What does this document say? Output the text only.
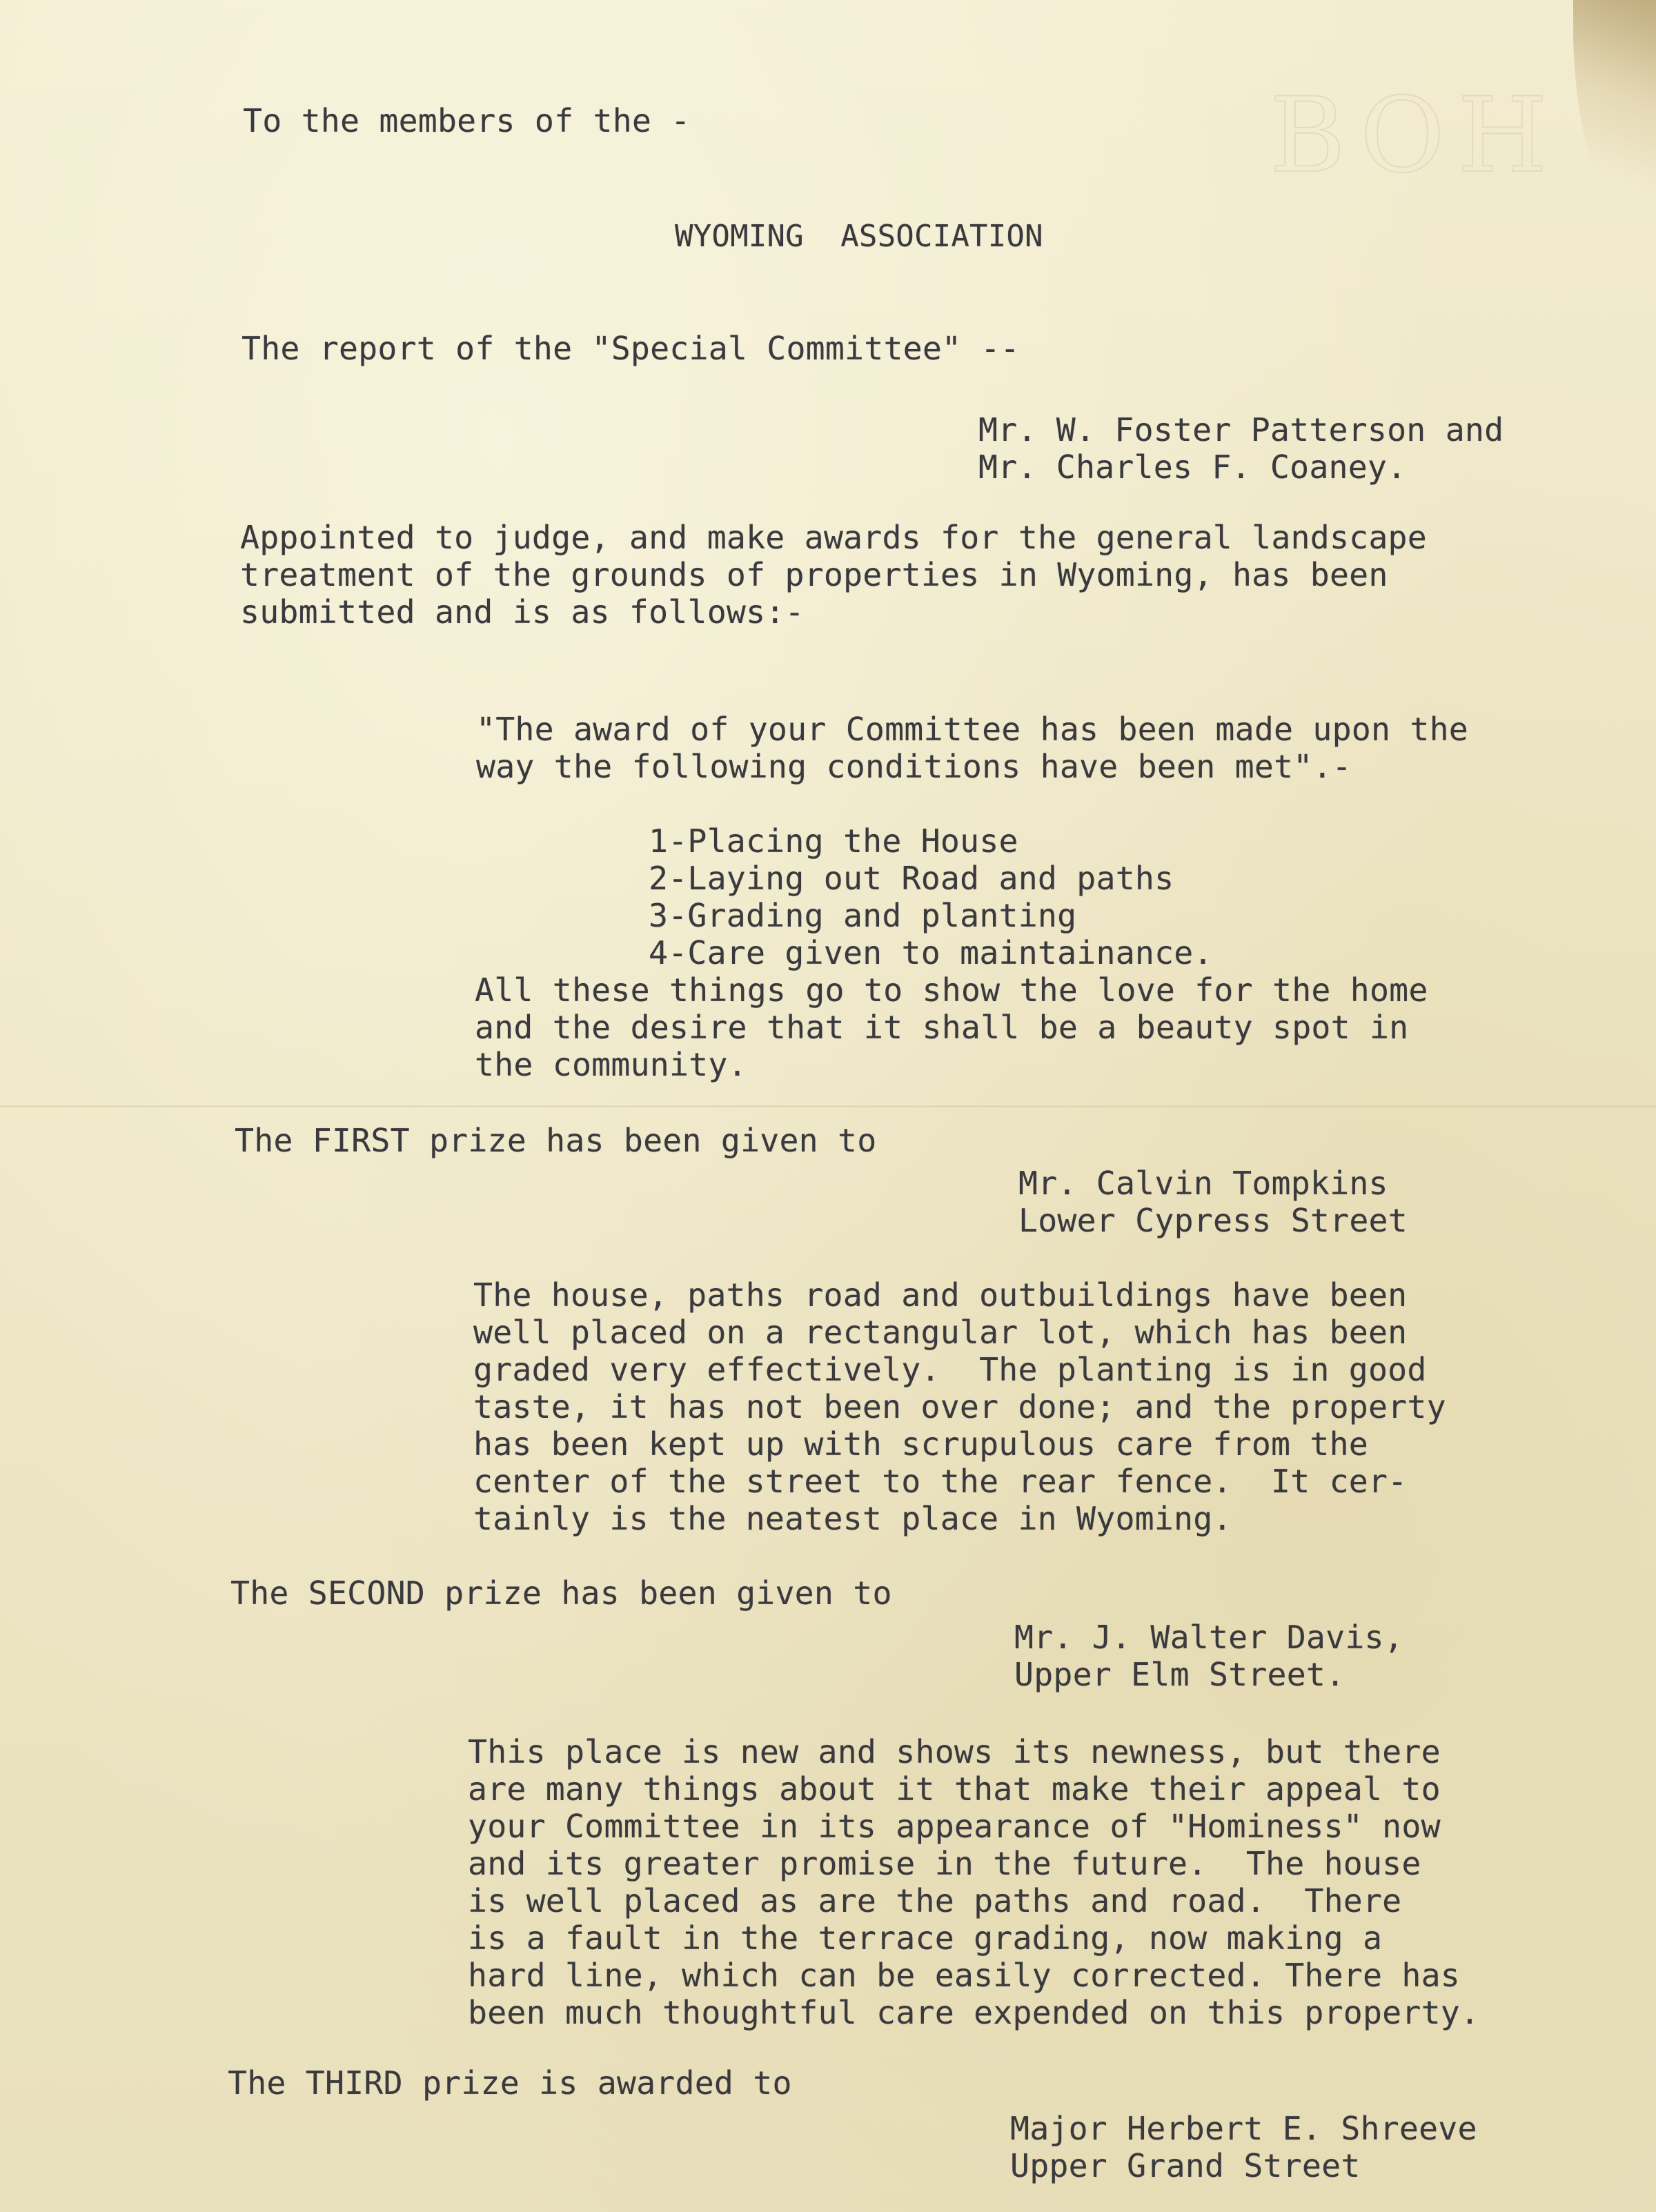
BOH
To the members of the -
WYOMING  ASSOCIATION
The report of the "Special Committee" --
Mr. W. Foster Patterson and
Mr. Charles F. Coaney.
Appointed to judge, and make awards for the general landscape
treatment of the grounds of properties in Wyoming, has been
submitted and is as follows:-
"The award of your Committee has been made upon the
way the following conditions have been met".-
1-Placing the House
2-Laying out Road and paths
3-Grading and planting
4-Care given to maintainance.
All these things go to show the love for the home
and the desire that it shall be a beauty spot in
the community.
The FIRST prize has been given to
Mr. Calvin Tompkins
Lower Cypress Street
The house, paths road and outbuildings have been
well placed on a rectangular lot, which has been
graded very effectively.  The planting is in good
taste, it has not been over done; and the property
has been kept up with scrupulous care from the
center of the street to the rear fence.  It cer-
tainly is the neatest place in Wyoming.
The SECOND prize has been given to
Mr. J. Walter Davis,
Upper Elm Street.
This place is new and shows its newness, but there
are many things about it that make their appeal to
your Committee in its appearance of "Hominess" now
and its greater promise in the future.  The house
is well placed as are the paths and road.  There
is a fault in the terrace grading, now making a
hard line, which can be easily corrected. There has
been much thoughtful care expended on this property.
The THIRD prize is awarded to
Major Herbert E. Shreeve
Upper Grand Street
